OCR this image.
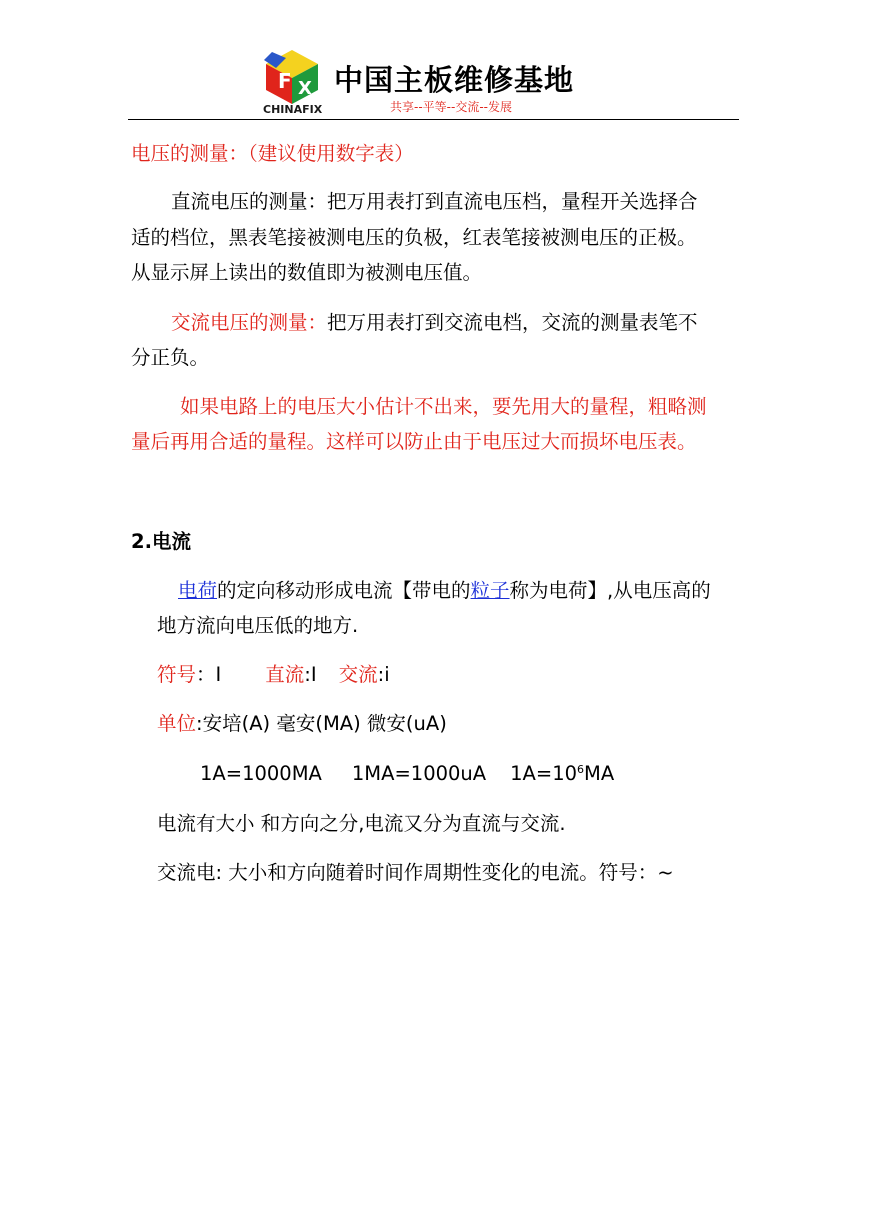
F X
CHINAFIX
中国主板维修基地
共享--平等--交流--发展
电压的测量：（建议使用数字表）
直流电压的测量：把万用表打到直流电压档，量程开关选择合
适的档位，黑表笔接被测电压的负极，红表笔接被测电压的正极。
从显示屏上读出的数值即为被测电压值。
交流电压的测量：把万用表打到交流电档，交流的测量表笔不
分正负。
如果电路上的电压大小估计不出来，要先用大的量程，粗略测
量后再用合适的量程。这样可以防止由于电压过大而损坏电压表。
2.电流
电荷的定向移动形成电流【带电的粒子称为电荷】,从电压高的
地方流向电压低的地方.
符号：I 直流:I 交流:i
单位:安培(A) 毫安(MA) 微安(uA)
1A=1000MA 1MA=1000uA $1A=10^6MA$
电流有大小 和方向之分,电流又分为直流与交流.
交流电: 大小和方向随着时间作周期性变化的电流。符号：~
